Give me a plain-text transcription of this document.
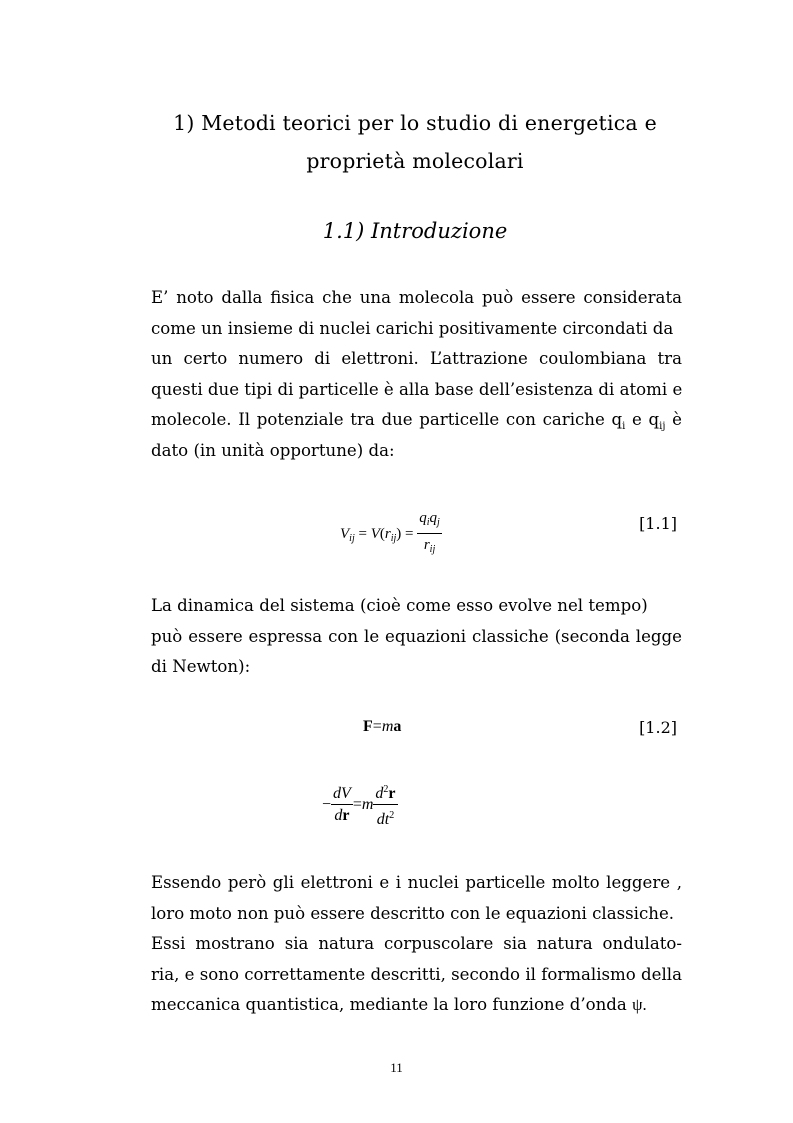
1) Metodi teorici per lo studio di energetica e
proprietà molecolari
1.1) Introduzione
E’ noto dalla fisica che una molecola può essere considerata
come un insieme di nuclei carichi positivamente circondati da
un certo numero di elettroni. L’attrazione coulombiana tra
questi due tipi di particelle è alla base dell’esistenza di atomi e
molecole. Il potenziale tra due particelle con cariche $q_i$ e $q_{ij}$ è
dato (in unità opportune) da:
$V_{ij} = V(r_{ij}) = \frac{q_iq_j}{r_{ij}}$	[1.1]
La dinamica del sistema (cioè come esso evolve nel tempo)
può essere espressa con le equazioni classiche (seconda legge
di Newton):
F=ma	[1.2]
− $\frac{dV}{dr} =m \frac{d^2r}{dt^2}$
Essendo però gli elettroni e i nuclei particelle molto leggere ,
loro moto non può essere descritto con le equazioni classiche.
Essi mostrano sia natura corpuscolare sia natura ondulato-
ria, e sono correttamente descritti, secondo il formalismo della
meccanica quantistica, mediante la loro funzione d’onda ψ.
11
